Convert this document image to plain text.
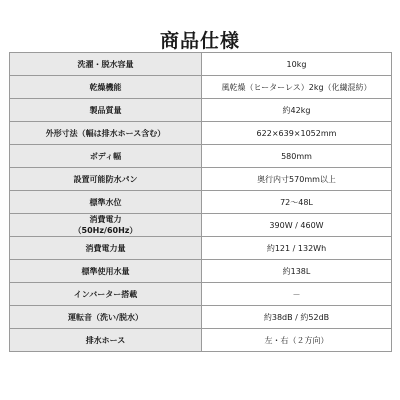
商品仕様
洗濯・脱水容量	10kg
乾燥機能	風乾燥（ヒーターレス）2kg（化繊混紡）
製品質量	約42kg
外形寸法（幅は排水ホース含む）	622×639×1052mm
ボディ幅	580mm
設置可能防水パン	奥行内寸570mm以上
標準水位	72～48L

消費電力
（50Hz/60Hz）	390W / 460W
消費電力量	約121 / 132Wh
標準使用水量	約138L
インバーター搭載	－
運転音（洗い/脱水）	約38dB / 約52dB
排水ホース	左・右（２方向）
